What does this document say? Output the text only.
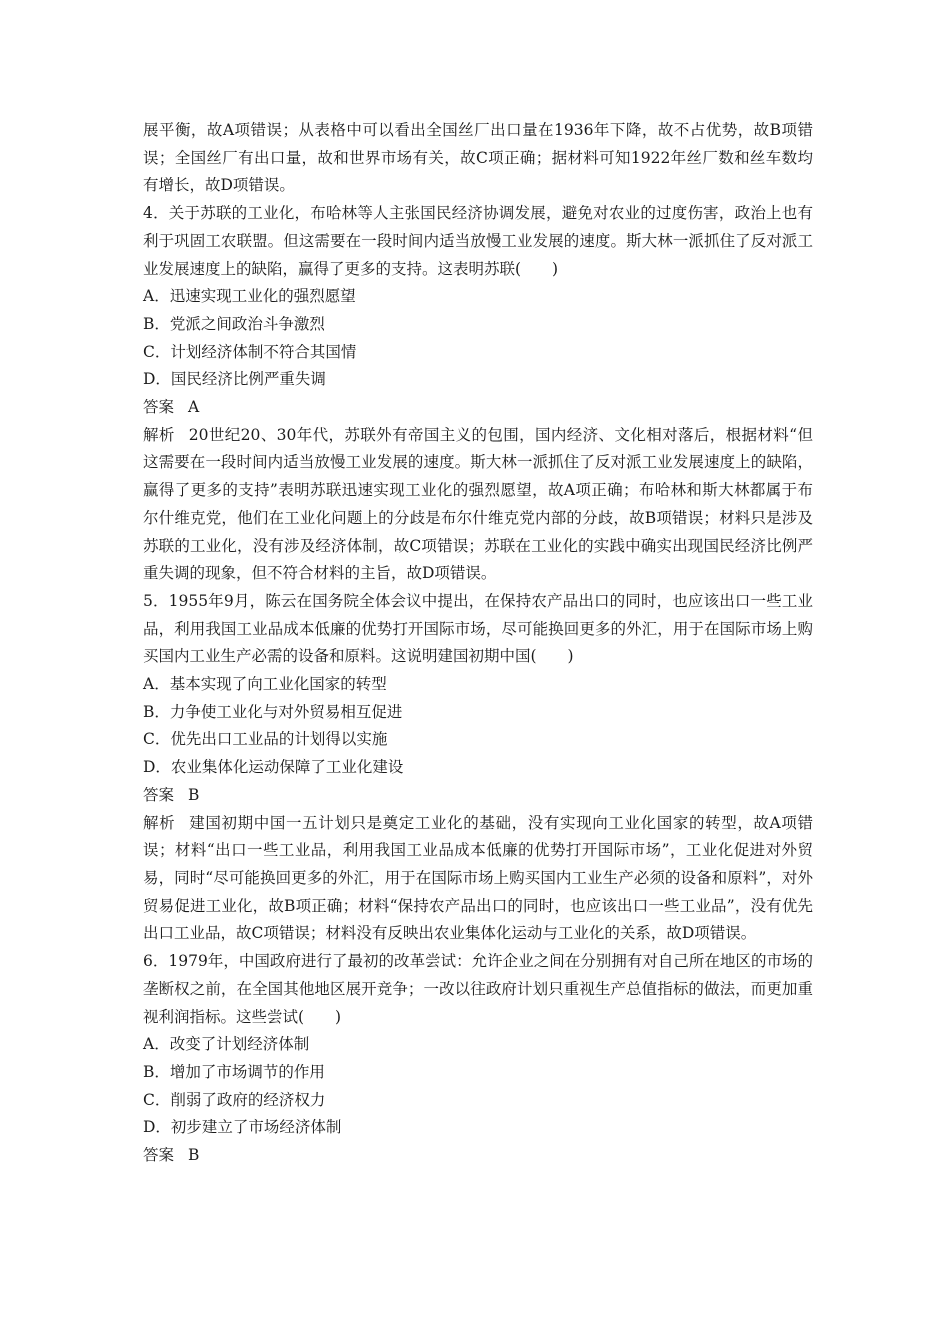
展平衡，故A项错误；从表格中可以看出全国丝厂出口量在1936年下降，故不占优势，故B项错误；全国丝厂有出口量，故和世界市场有关，故C项正确；据材料可知1922年丝厂数和丝车数均有增长，故D项错误。

4．关于苏联的工业化，布哈林等人主张国民经济协调发展，避免对农业的过度伤害，政治上也有利于巩固工农联盟。但这需要在一段时间内适当放慢工业发展的速度。斯大林一派抓住了反对派工业发展速度上的缺陷，赢得了更多的支持。这表明苏联(　　)

A．迅速实现工业化的强烈愿望

B．党派之间政治斗争激烈

C．计划经济体制不符合其国情

D．国民经济比例严重失调

答案 A

解析 20世纪20、30年代，苏联外有帝国主义的包围，国内经济、文化相对落后，根据材料“但这需要在一段时间内适当放慢工业发展的速度。斯大林一派抓住了反对派工业发展速度上的缺陷，赢得了更多的支持”表明苏联迅速实现工业化的强烈愿望，故A项正确；布哈林和斯大林都属于布尔什维克党，他们在工业化问题上的分歧是布尔什维克党内部的分歧，故B项错误；材料只是涉及苏联的工业化，没有涉及经济体制，故C项错误；苏联在工业化的实践中确实出现国民经济比例严重失调的现象，但不符合材料的主旨，故D项错误。

5．1955年9月，陈云在国务院全体会议中提出，在保持农产品出口的同时，也应该出口一些工业品，利用我国工业品成本低廉的优势打开国际市场，尽可能换回更多的外汇，用于在国际市场上购买国内工业生产必需的设备和原料。这说明建国初期中国(　　)

A．基本实现了向工业化国家的转型

B．力争使工业化与对外贸易相互促进

C．优先出口工业品的计划得以实施

D．农业集体化运动保障了工业化建设

答案 B

解析 建国初期中国一五计划只是奠定工业化的基础，没有实现向工业化国家的转型，故A项错误；材料“出口一些工业品，利用我国工业品成本低廉的优势打开国际市场”，工业化促进对外贸易，同时“尽可能换回更多的外汇，用于在国际市场上购买国内工业生产必须的设备和原料”，对外贸易促进工业化，故B项正确；材料“保持农产品出口的同时，也应该出口一些工业品”，没有优先出口工业品，故C项错误；材料没有反映出农业集体化运动与工业化的关系，故D项错误。

6．1979年，中国政府进行了最初的改革尝试：允许企业之间在分别拥有对自己所在地区的市场的垄断权之前，在全国其他地区展开竞争；一改以往政府计划只重视生产总值指标的做法，而更加重视利润指标。这些尝试(　　)

A．改变了计划经济体制

B．增加了市场调节的作用

C．削弱了政府的经济权力

D．初步建立了市场经济体制

答案 B
